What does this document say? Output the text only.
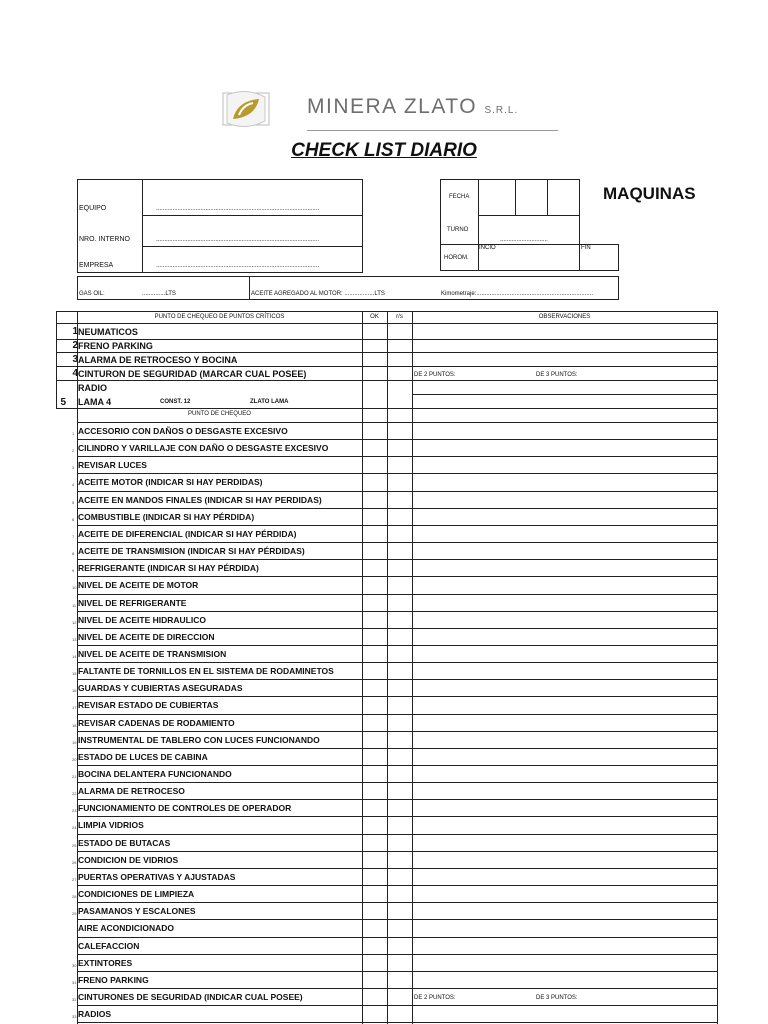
MINERA ZLATO S.R.L.
CHECK LIST DIARIO
MAQUINAS
EQUIPO	...................................................................................................
NRO. INTERNO	...................................................................................................
EMPRESA	...................................................................................................
FECHA
TURNO
.............................
HOROM.
INCIO	FIN
GAS OIL:	..............LTS	ACEITE AGREGADO AL MOTOR: ..................LTS	Kimometraje:......................................................................
PUNTO DE CHEQUEO DE PUNTOS CRÍTICOS	OK	r/s	OBSERVACIONES
1 NEUMATICOS
2 FRENO PARKING
3 ALARMA DE RETROCESO Y BOCINA
4 CINTURON DE SEGURIDAD (MARCAR CUAL POSEE)	DE 2 PUNTOS:	DE 3 PUNTOS:
RADIO
5 LAMA 4	CONST. 12	ZLATO LAMA
PUNTO DE CHEQUEO
1 ACCESORIO CON DAÑOS O DESGASTE EXCESIVO
2 CILINDRO Y VARILLAJE CON DAÑO O DESGASTE EXCESIVO
3 REVISAR LUCES
4 ACEITE MOTOR (INDICAR SI HAY PERDIDAS)
5 ACEITE EN MANDOS FINALES (INDICAR SI HAY PERDIDAS)
6 COMBUSTIBLE (INDICAR SI HAY PÉRDIDA)
7 ACEITE DE DIFERENCIAL (INDICAR SI HAY PÉRDIDA)
8 ACEITE DE TRANSMISION (INDICAR SI HAY PÉRDIDAS)
9 REFRIGERANTE (INDICAR SI HAY PÉRDIDA)
10 NIVEL DE ACEITE DE MOTOR
11 NIVEL DE REFRIGERANTE
12 NIVEL DE ACEITE HIDRAULICO
13 NIVEL DE ACEITE DE DIRECCION
14 NIVEL DE ACEITE DE TRANSMISION
15 FALTANTE DE TORNILLOS EN EL SISTEMA DE RODAMINETOS
16 GUARDAS Y CUBIERTAS ASEGURADAS
17 REVISAR ESTADO DE CUBIERTAS
18 REVISAR CADENAS DE RODAMIENTO
19 INSTRUMENTAL DE TABLERO CON LUCES FUNCIONANDO
20 ESTADO DE LUCES DE CABINA
21 BOCINA DELANTERA FUNCIONANDO
22 ALARMA DE RETROCESO
23 FUNCIONAMIENTO DE CONTROLES DE OPERADOR
24 LIMPIA VIDRIOS
25 ESTADO DE BUTACAS
26 CONDICION DE VIDRIOS
27 PUERTAS OPERATIVAS Y AJUSTADAS
28 CONDICIONES DE LIMPIEZA
29 PASAMANOS Y ESCALONES
AIRE ACONDICIONADO
CALEFACCION
30 EXTINTORES
31 FRENO PARKING
32 CINTURONES DE SEGURIDAD (INDICAR CUAL POSEE)	DE 2 PUNTOS:	DE 3 PUNTOS:
33 RADIOS
